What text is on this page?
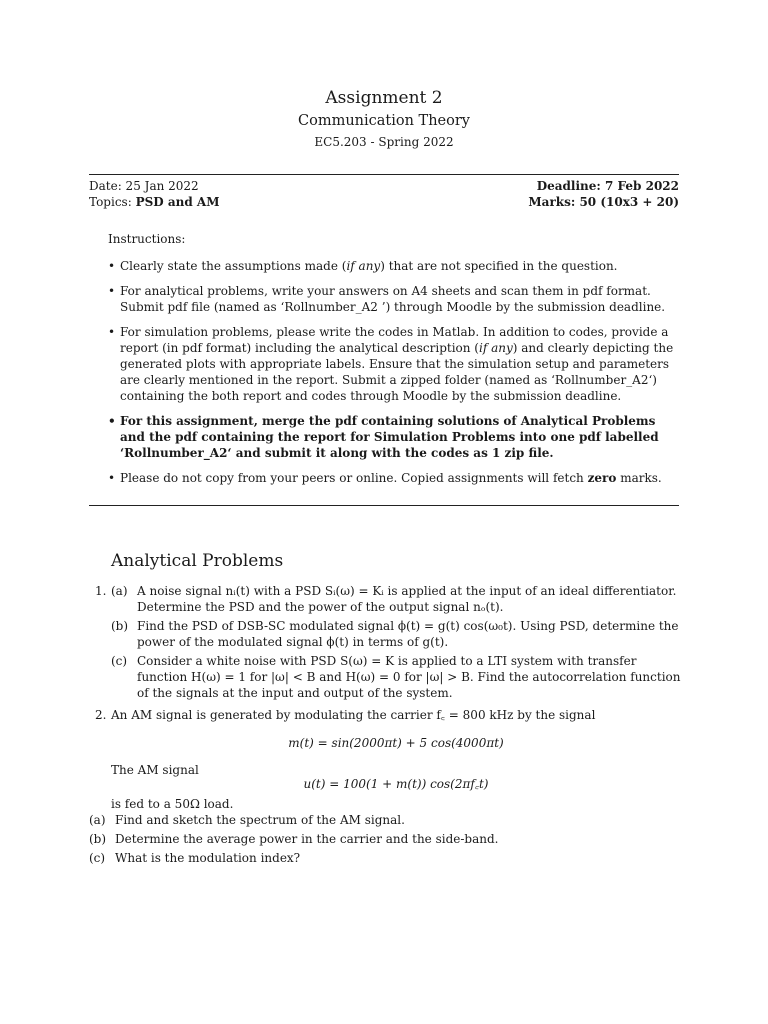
Assignment 2
Communication Theory
EC5.203 - Spring 2022
Date: 25 Jan 2022
Topics: PSD and AM
Deadline: 7 Feb 2022
Marks: 50 (10x3 + 20)
Instructions:
• Clearly state the assumptions made (if any) that are not specified in the question.
• For analytical problems, write your answers on A4 sheets and scan them in pdf format. Submit pdf file (named as ‘Rollnumber_A2 ’) through Moodle by the submission deadline.
• For simulation problems, please write the codes in Matlab. In addition to codes, provide a report (in pdf format) including the analytical description (if any) and clearly depicting the generated plots with appropriate labels. Ensure that the simulation setup and parameters are clearly mentioned in the report. Submit a zipped folder (named as ‘Rollnumber_A2‘) containing the both report and codes through Moodle by the submission deadline.
• For this assignment, merge the pdf containing solutions of Analytical Problems and the pdf containing the report for Simulation Problems into one pdf labelled ‘Rollnumber_A2‘ and submit it along with the codes as 1 zip file.
• Please do not copy from your peers or online. Copied assignments will fetch zero marks.
Analytical Problems
1. (a) A noise signal nᵢ(t) with a PSD Sᵢ(ω) = Kᵢ is applied at the input of an ideal differentiator. Determine the PSD and the power of the output signal nₒ(t).
(b) Find the PSD of DSB-SC modulated signal ϕ(t) = g(t) cos(ω₀t). Using PSD, determine the power of the modulated signal ϕ(t) in terms of g(t).
(c) Consider a white noise with PSD S(ω) = K is applied to a LTI system with transfer function H(ω) = 1 for |ω| < B and H(ω) = 0 for |ω| > B. Find the autocorrelation function of the signals at the input and output of the system.
2. An AM signal is generated by modulating the carrier f꜀ = 800 kHz by the signal
m(t) = sin(2000πt) + 5 cos(4000πt)
The AM signal
u(t) = 100(1 + m(t)) cos(2πf꜀t)
is fed to a 50Ω load.
(a) Find and sketch the spectrum of the AM signal.
(b) Determine the average power in the carrier and the side-band.
(c) What is the modulation index?
